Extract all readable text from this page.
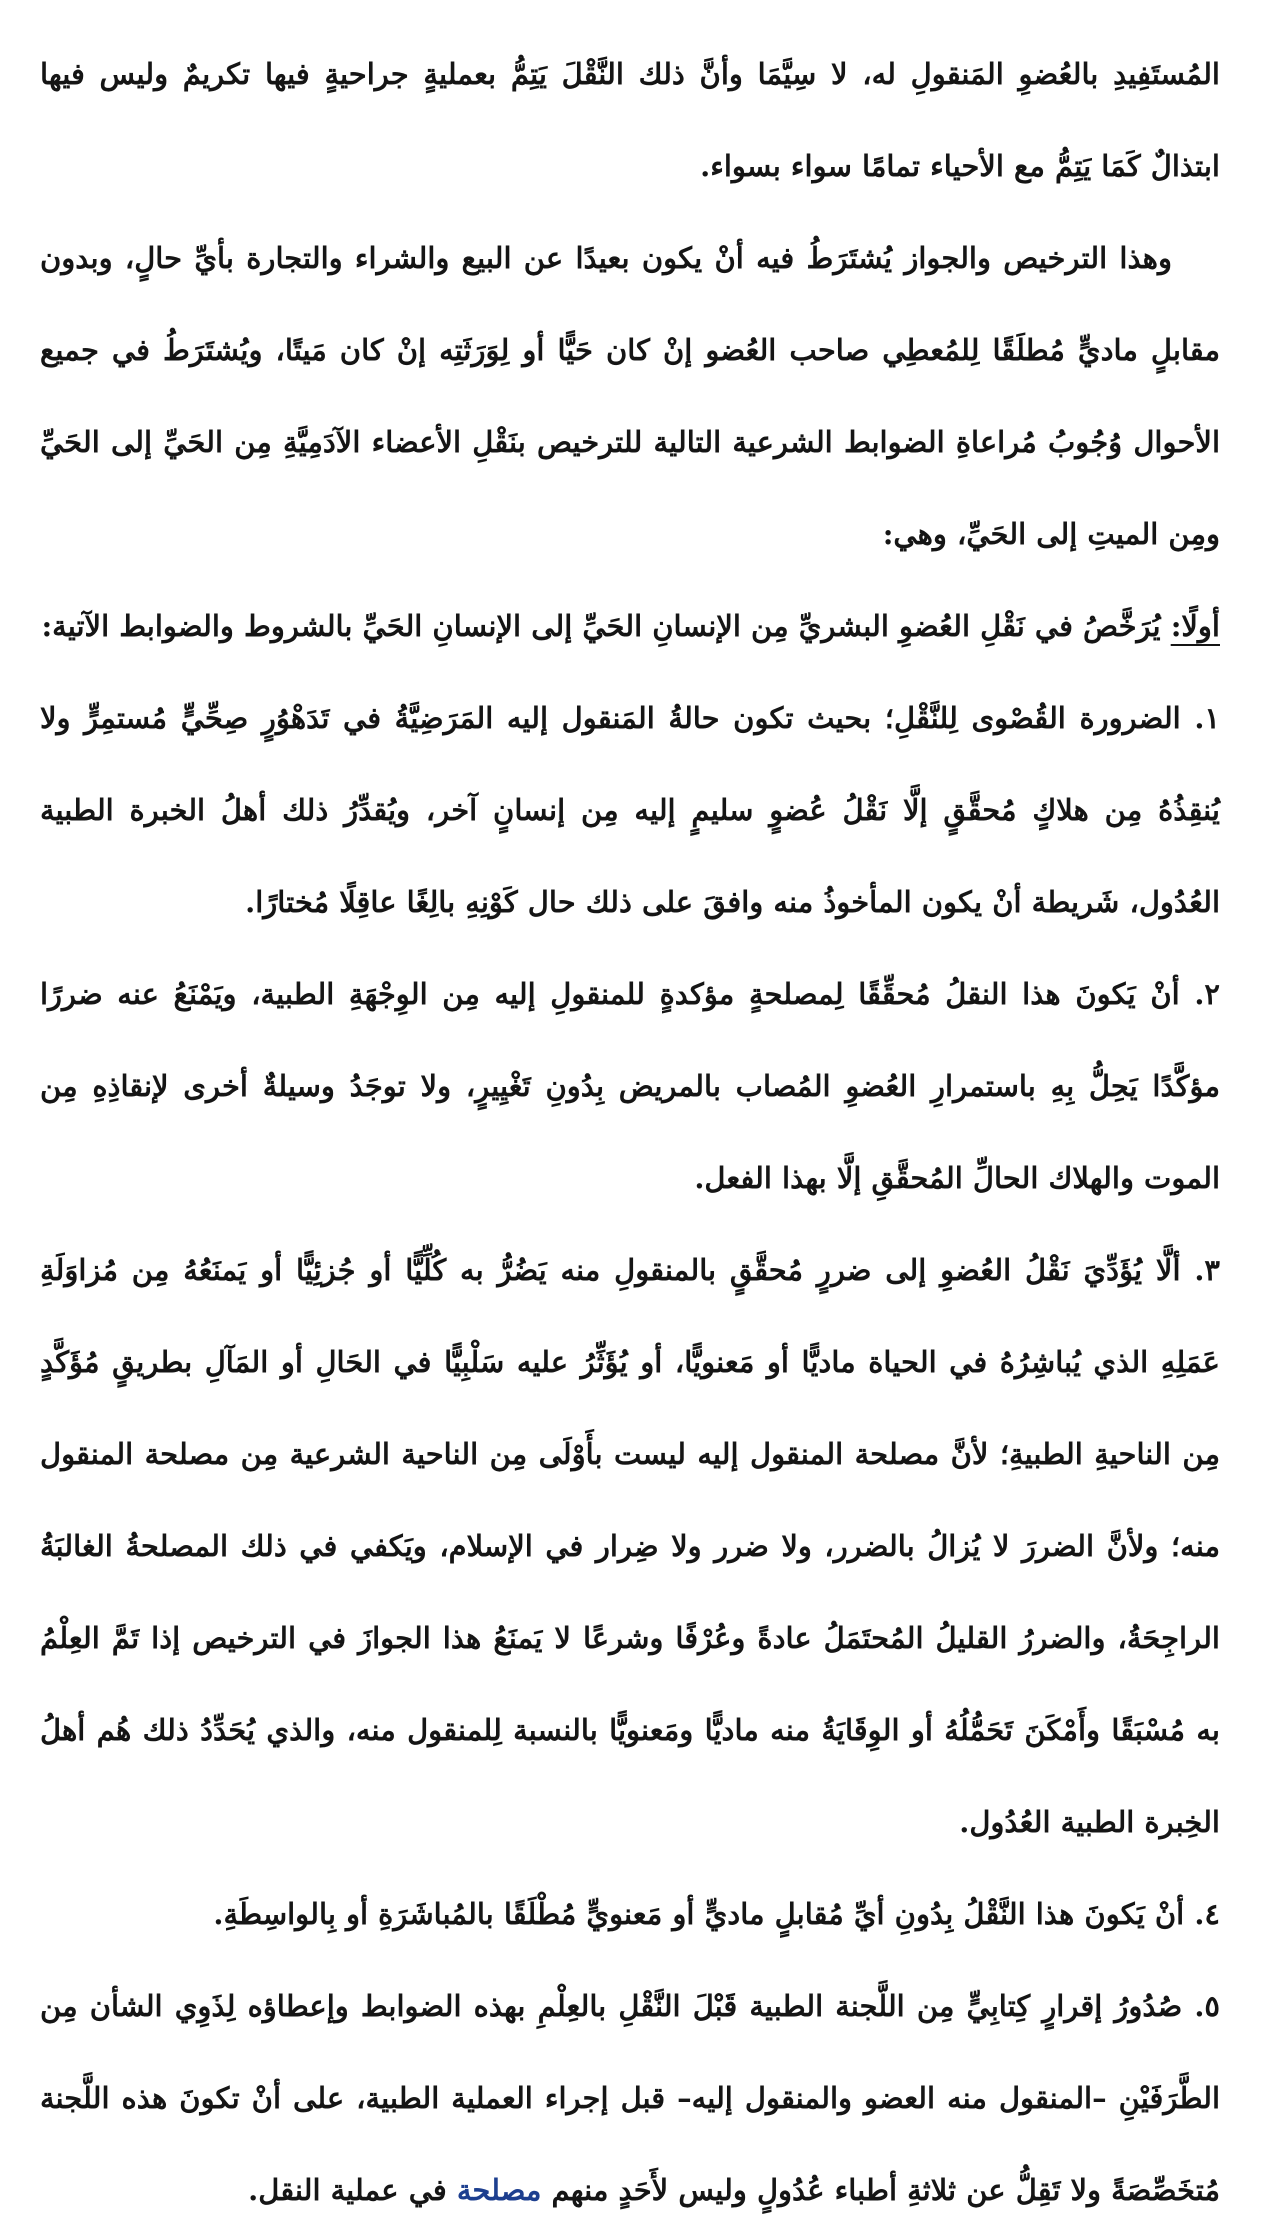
المُستَفِيدِ بالعُضوِ المَنقولِ له، لا سِيَّمَا وأنَّ ذلك النَّقْلَ يَتِمُّ بعمليةٍ جراحيةٍ فيها تكريمٌ وليس فيها ابتذالٌ كَمَا يَتِمُّ مع الأحياء تمامًا سواء بسواء.

وهذا الترخيص والجواز يُشتَرَطُ فيه أنْ يكون بعيدًا عن البيع والشراء والتجارة بأيِّ حالٍ، وبدون مقابلٍ ماديٍّ مُطلَقًا لِلمُعطِي صاحب العُضو إنْ كان حَيًّا أو لِوَرَثَتِه إنْ كان مَيتًا، ويُشتَرَطُ في جميع الأحوال وُجُوبُ مُراعاةِ الضوابط الشرعية التالية للترخيص بنَقْلِ الأعضاء الآدَمِيَّةِ مِن الحَيِّ إلى الحَيِّ ومِن الميتِ إلى الحَيِّ، وهي:

أولًا: يُرَخَّصُ في نَقْلِ العُضوِ البشريِّ مِن الإنسانِ الحَيِّ إلى الإنسانِ الحَيِّ بالشروط والضوابط الآتية:

١. الضرورة القُصْوى لِلنَّقْلِ؛ بحيث تكون حالةُ المَنقول إليه المَرَضِيَّةُ في تَدَهْوُرٍ صِحِّيٍّ مُستمِرٍّ ولا يُنقِذُهُ مِن هلاكٍ مُحقَّقٍ إلَّا نَقْلُ عُضوٍ سليمٍ إليه مِن إنسانٍ آخر، ويُقدِّرُ ذلك أهلُ الخبرة الطبية العُدُول، شَريطة أنْ يكون المأخوذُ منه وافقَ على ذلك حال كَوْنِهِ بالِغًا عاقِلًا مُختارًا.

٢. أنْ يَكونَ هذا النقلُ مُحقِّقًا لِمصلحةٍ مؤكدةٍ للمنقولِ إليه مِن الوِجْهَةِ الطبية، ويَمْنَعُ عنه ضررًا مؤكَّدًا يَحِلُّ بِهِ باستمرارِ العُضوِ المُصاب بالمريض بِدُونِ تَغْيِيرٍ، ولا توجَدُ وسيلةٌ أخرى لإنقاذِهِ مِن الموت والهلاك الحالِّ المُحقَّقِ إلَّا بهذا الفعل.

٣. ألَّا يُؤَدِّيَ نَقْلُ العُضوِ إلى ضررٍ مُحقَّقٍ بالمنقولِ منه يَضُرُّ به كُلِّيًّا أو جُزئِيًّا أو يَمنَعُهُ مِن مُزاوَلَةِ عَمَلِهِ الذي يُباشِرُهُ في الحياة ماديًّا أو مَعنويًّا، أو يُؤَثِّرُ عليه سَلْبِيًّا في الحَالِ أو المَآلِ بطريقٍ مُؤَكَّدٍ مِن الناحيةِ الطبيةِ؛ لأنَّ مصلحة المنقول إليه ليست بأَوْلَى مِن الناحية الشرعية مِن مصلحة المنقول منه؛ ولأنَّ الضررَ لا يُزالُ بالضرر، ولا ضرر ولا ضِرار في الإسلام، ويَكفي في ذلك المصلحةُ الغالبَةُ الراجِحَةُ، والضررُ القليلُ المُحتَمَلُ عادةً وعُرْفًا وشرعًا لا يَمنَعُ هذا الجوازَ في الترخيص إذا تَمَّ العِلْمُ به مُسْبَقًا وأَمْكَنَ تَحَمُّلُهُ أو الوِقَايَةُ منه ماديًّا ومَعنويًّا بالنسبة لِلمنقول منه، والذي يُحَدِّدُ ذلك هُم أهلُ الخِبرة الطبية العُدُول.

٤. أنْ يَكونَ هذا النَّقْلُ بِدُونِ أيِّ مُقابلٍ ماديٍّ أو مَعنويٍّ مُطْلَقًا بالمُباشَرَةِ أو بِالواسِطَةِ.

٥. صُدُورُ إقرارٍ كِتابِيٍّ مِن اللَّجنة الطبية قَبْلَ النَّقْلِ بالعِلْمِ بهذه الضوابط وإعطاؤه لِذَوِي الشأن مِن الطَّرَفَيْنِ –المنقول منه العضو والمنقول إليه– قبل إجراء العملية الطبية، على أنْ تكونَ هذه اللَّجنة مُتخَصِّصَةً ولا تَقِلُّ عن ثلاثةِ أطباء عُدُولٍ وليس لأَحَدٍ منهم مصلحة في عملية النقل.
